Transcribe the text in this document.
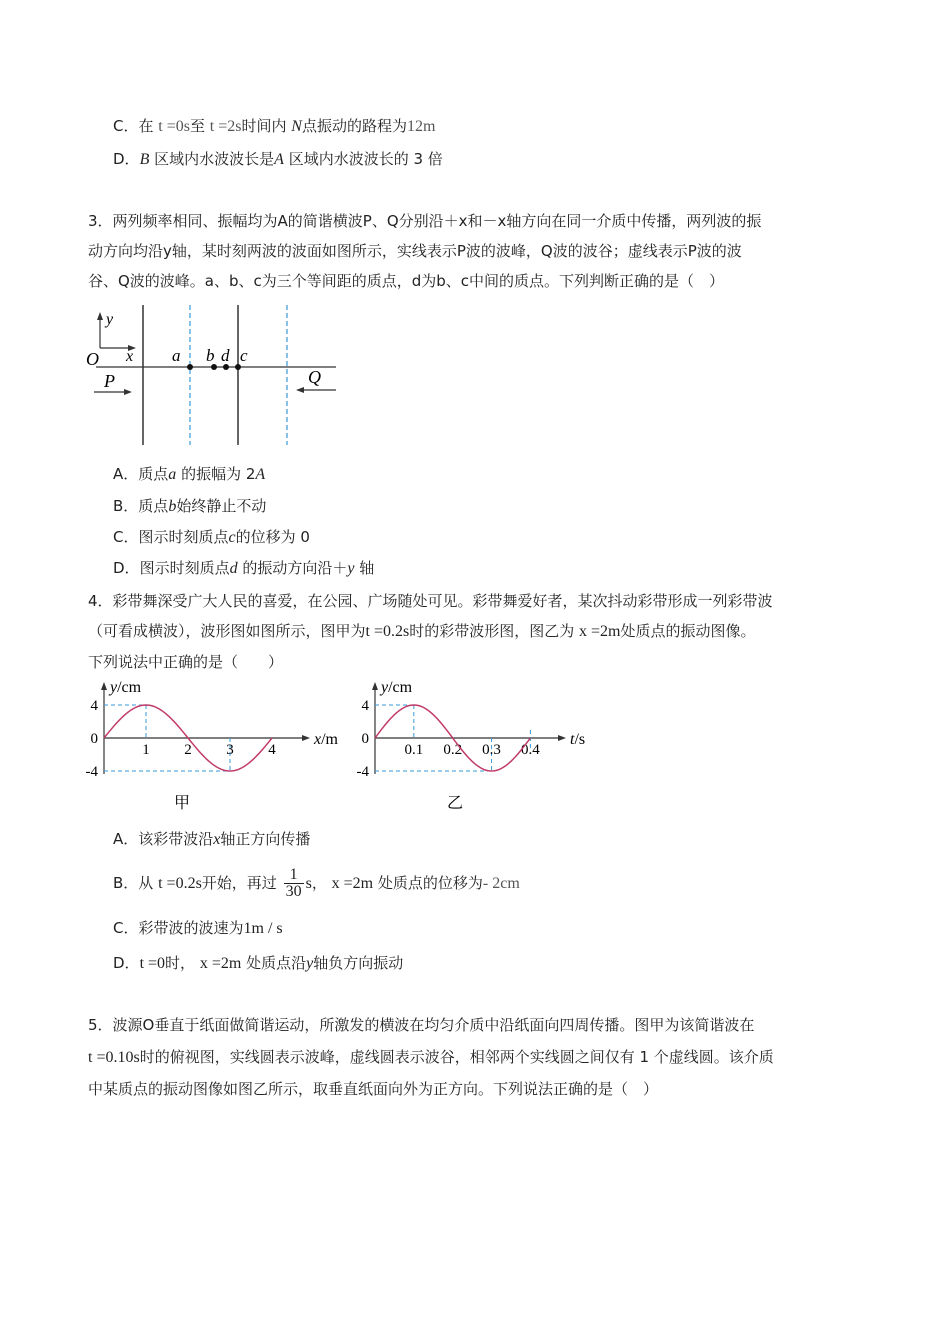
C．在 t =0s至 t =2s时间内 N点振动的路程为12m
D．B 区域内水波波长是A 区域内水波波长的 3 倍
3．两列频率相同、振幅均为A的简谐横波P、Q分别沿＋x和－x轴方向在同一介质中传播，两列波的振
动方向均沿y轴，某时刻两波的波面如图所示，实线表示P波的波峰，Q波的波谷；虚线表示P波的波
谷、Q波的波峰。a、b、c为三个等间距的质点，d为b、c中间的质点。下列判断正确的是（　）
y
x
O	a b d c
P	Q
A．质点a 的振幅为 2A
B．质点b始终静止不动
C．图示时刻质点c的位移为 0
D．图示时刻质点d 的振动方向沿＋y 轴
4．彩带舞深受广大人民的喜爱，在公园、广场随处可见。彩带舞爱好者，某次抖动彩带形成一列彩带波
（可看成横波），波形图如图所示，图甲为t =0.2s时的彩带波形图，图乙为 x =2m处质点的振动图像。
下列说法中正确的是（　　）
y/cm
x/m
4
0
-4
1 2 3 4
甲
y/cm
t/s
4
0
-4
0.1 0.2 0.3 0.4
乙
A．该彩带波沿x轴正方向传播
B．从 t =0.2s开始，再过 $\frac{1}{30}$ s， x =2m 处质点的位移为- 2cm
C．彩带波的波速为1m / s
D．t =0时， x =2m 处质点沿y轴负方向振动
5．波源O垂直于纸面做简谐运动，所激发的横波在均匀介质中沿纸面向四周传播。图甲为该简谐波在
t =0.10s时的俯视图，实线圆表示波峰，虚线圆表示波谷，相邻两个实线圆之间仅有 1 个虚线圆。该介质
中某质点的振动图像如图乙所示，取垂直纸面向外为正方向。下列说法正确的是（　）
